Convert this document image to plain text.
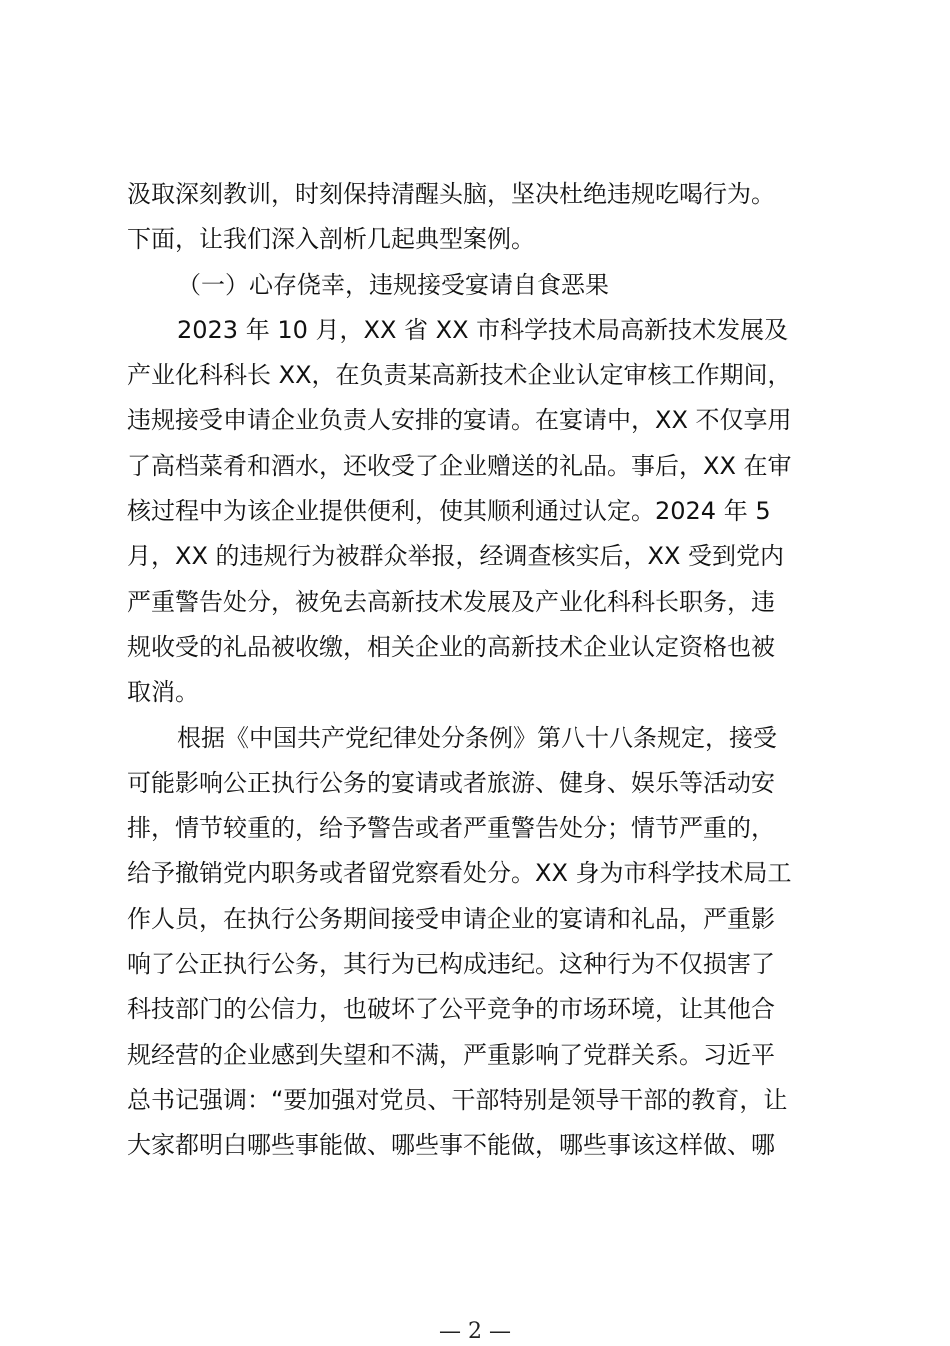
汲取深刻教训，时刻保持清醒头脑，坚决杜绝违规吃喝行为。
下面，让我们深入剖析几起典型案例。
（一）心存侥幸，违规接受宴请自食恶果
2023 年 10 月，XX 省 XX 市科学技术局高新技术发展及
产业化科科长 XX，在负责某高新技术企业认定审核工作期间，
违规接受申请企业负责人安排的宴请。在宴请中，XX 不仅享用
了高档菜肴和酒水，还收受了企业赠送的礼品。事后，XX 在审
核过程中为该企业提供便利，使其顺利通过认定。2024 年 5
月，XX 的违规行为被群众举报，经调查核实后，XX 受到党内
严重警告处分，被免去高新技术发展及产业化科科长职务，违
规收受的礼品被收缴，相关企业的高新技术企业认定资格也被
取消。
根据《中国共产党纪律处分条例》第八十八条规定，接受
可能影响公正执行公务的宴请或者旅游、健身、娱乐等活动安
排，情节较重的，给予警告或者严重警告处分；情节严重的，
给予撤销党内职务或者留党察看处分。XX 身为市科学技术局工
作人员，在执行公务期间接受申请企业的宴请和礼品，严重影
响了公正执行公务，其行为已构成违纪。这种行为不仅损害了
科技部门的公信力，也破坏了公平竞争的市场环境，让其他合
规经营的企业感到失望和不满，严重影响了党群关系。习近平
总书记强调：“要加强对党员、干部特别是领导干部的教育，让
大家都明白哪些事能做、哪些事不能做，哪些事该这样做、哪
— 2 —
